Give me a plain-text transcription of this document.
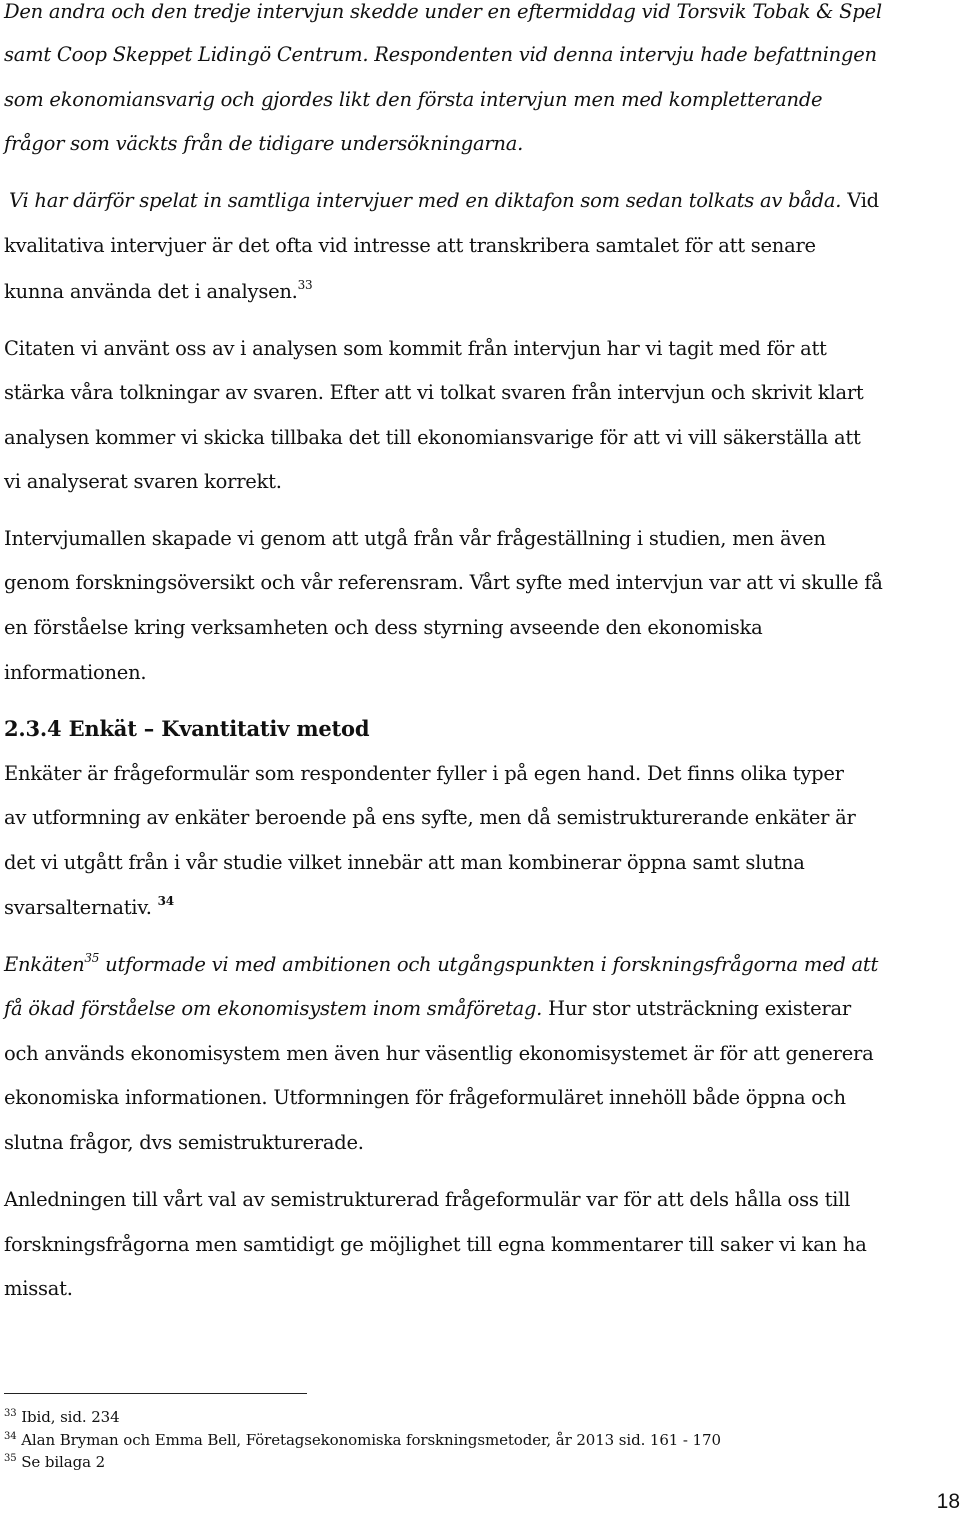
Den andra och den tredje intervjun skedde under en eftermiddag vid Torsvik Tobak & Spel
samt Coop Skeppet Lidingö Centrum. Respondenten vid denna intervju hade befattningen
som ekonomiansvarig och gjordes likt den första intervjun men med kompletterande
frågor som väckts från de tidigare undersökningarna.
Vi har därför spelat in samtliga intervjuer med en diktafon som sedan tolkats av båda. Vid
kvalitativa intervjuer är det ofta vid intresse att transkribera samtalet för att senare
kunna använda det i analysen.$^{33}$
Citaten vi använt oss av i analysen som kommit från intervjun har vi tagit med för att
stärka våra tolkningar av svaren. Efter att vi tolkat svaren från intervjun och skrivit klart
analysen kommer vi skicka tillbaka det till ekonomiansvarige för att vi vill säkerställa att
vi analyserat svaren korrekt.
Intervjumallen skapade vi genom att utgå från vår frågeställning i studien, men även
genom forskningsöversikt och vår referensram. Vårt syfte med intervjun var att vi skulle få
en förståelse kring verksamheten och dess styrning avseende den ekonomiska
informationen.
2.3.4 Enkät – Kvantitativ metod
Enkäter är frågeformulär som respondenter fyller i på egen hand. Det finns olika typer
av utformning av enkäter beroende på ens syfte, men då semistrukturerande enkäter är
det vi utgått från i vår studie vilket innebär att man kombinerar öppna samt slutna
svarsalternativ. $^{34}$
Enkäten$^{35}$ utformade vi med ambitionen och utgångspunkten i forskningsfrågorna med att
få ökad förståelse om ekonomisystem inom småföretag. Hur stor utsträckning existerar
och används ekonomisystem men även hur väsentlig ekonomisystemet är för att generera
ekonomiska informationen. Utformningen för frågeformuläret innehöll både öppna och
slutna frågor, dvs semistrukturerade.
Anledningen till vårt val av semistrukturerad frågeformulär var för att dels hålla oss till
forskningsfrågorna men samtidigt ge möjlighet till egna kommentarer till saker vi kan ha
missat.
$^{33}$ Ibid, sid. 234
$^{34}$ Alan Bryman och Emma Bell, Företagsekonomiska forskningsmetoder, år 2013 sid. 161 - 170
$^{35}$ Se bilaga 2
18
